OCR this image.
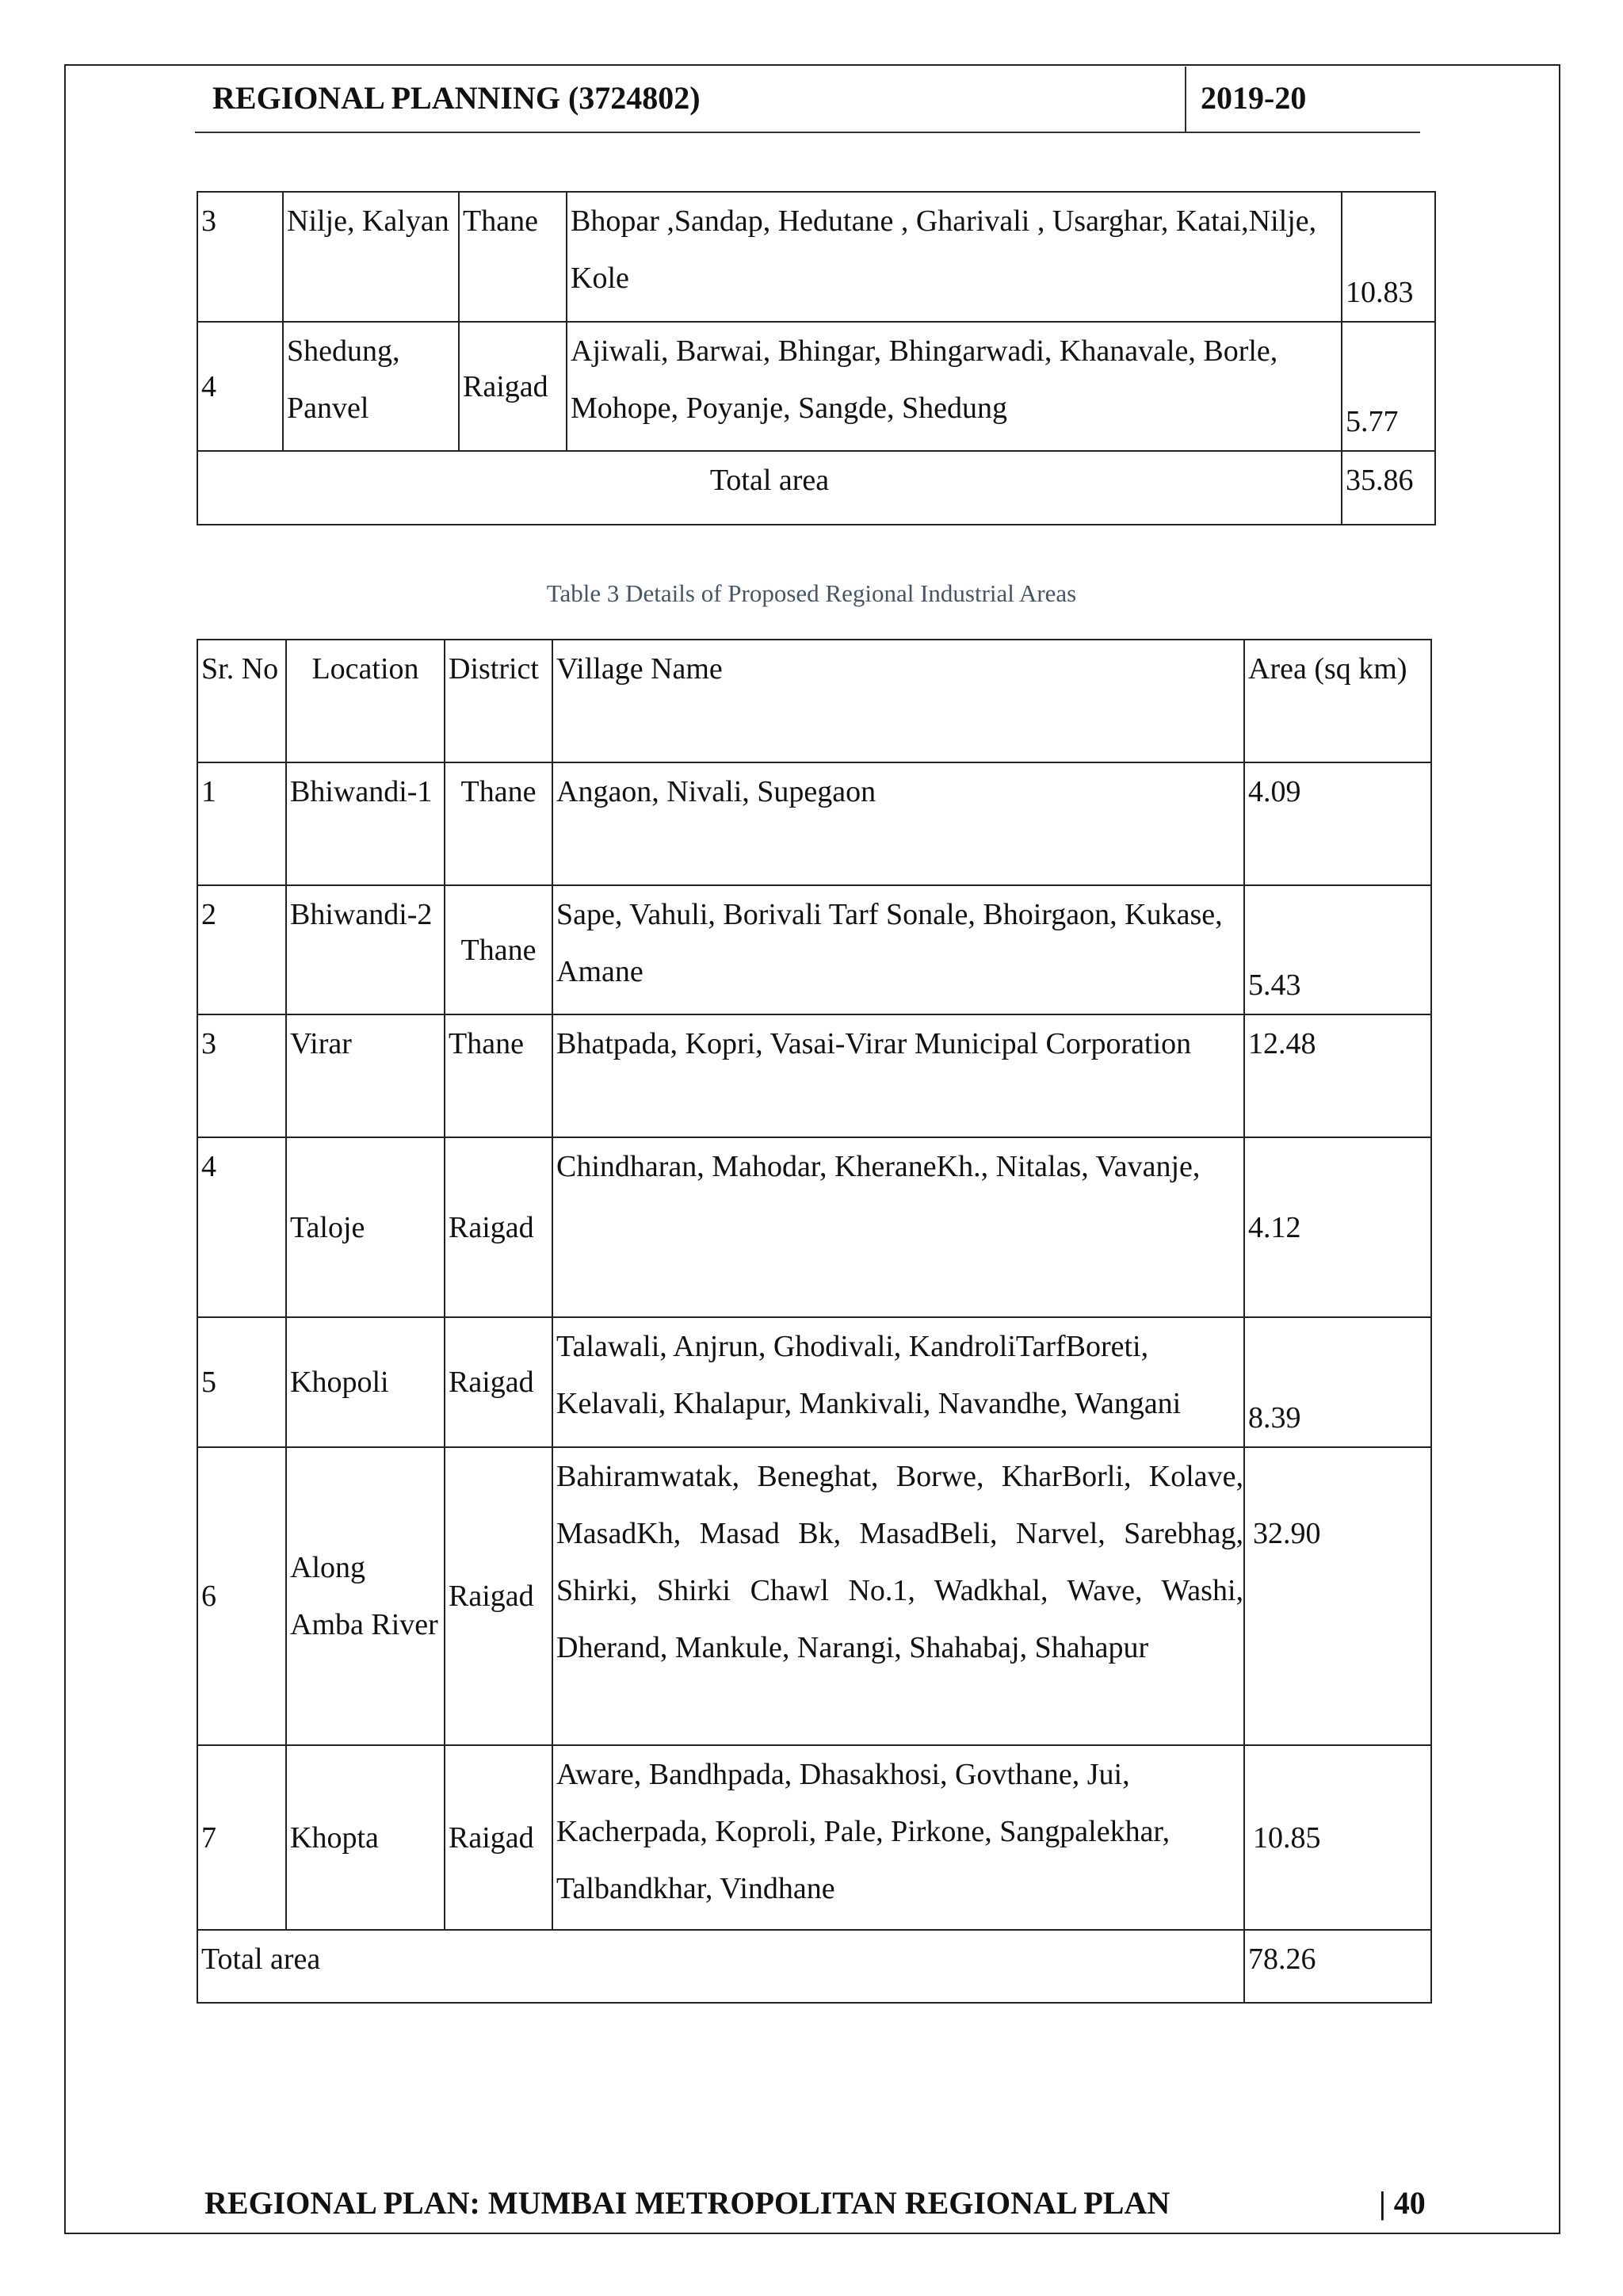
REGIONAL PLANNING (3724802)	2019-20
3	Nilje, Kalyan	Thane	Bhopar ,Sandap, Hedutane , Gharivali , Usarghar, Katai,Nilje, Kole	10.83
4	Shedung, Panvel	Raigad	Ajiwali, Barwai, Bhingar, Bhingarwadi, Khanavale, Borle, Mohope, Poyanje, Sangde, Shedung	5.77
Total area				35.86
Table 3 Details of Proposed Regional Industrial Areas
Sr. No	Location	District	Village Name	Area (sq km)
1	Bhiwandi-1	Thane	Angaon, Nivali, Supegaon	4.09
2	Bhiwandi-2	Thane	Sape, Vahuli, Borivali Tarf Sonale, Bhoirgaon, Kukase, Amane	5.43
3	Virar	Thane	Bhatpada, Kopri, Vasai-Virar Municipal Corporation	12.48
4	Taloje	Raigad	Chindharan, Mahodar, KheraneKh., Nitalas, Vavanje,	4.12
5	Khopoli	Raigad	Talawali, Anjrun, Ghodivali, KandroliTarfBoreti, Kelavali, Khalapur, Mankivali, Navandhe, Wangani	8.39
6	Along Amba River	Raigad	Bahiramwatak, Beneghat, Borwe, KharBorli, Kolave, MasadKh, Masad Bk, MasadBeli, Narvel, Sarebhag, Shirki, Shirki Chawl No.1, Wadkhal, Wave, Washi, Dherand, Mankule, Narangi, Shahabaj, Shahapur	32.90
7	Khopta	Raigad	Aware, Bandhpada, Dhasakhosi, Govthane, Jui, Kacherpada, Koproli, Pale, Pirkone, Sangpalekhar, Talbandkhar, Vindhane	10.85
Total area				78.26
REGIONAL PLAN: MUMBAI METROPOLITAN REGIONAL PLAN	| 40
